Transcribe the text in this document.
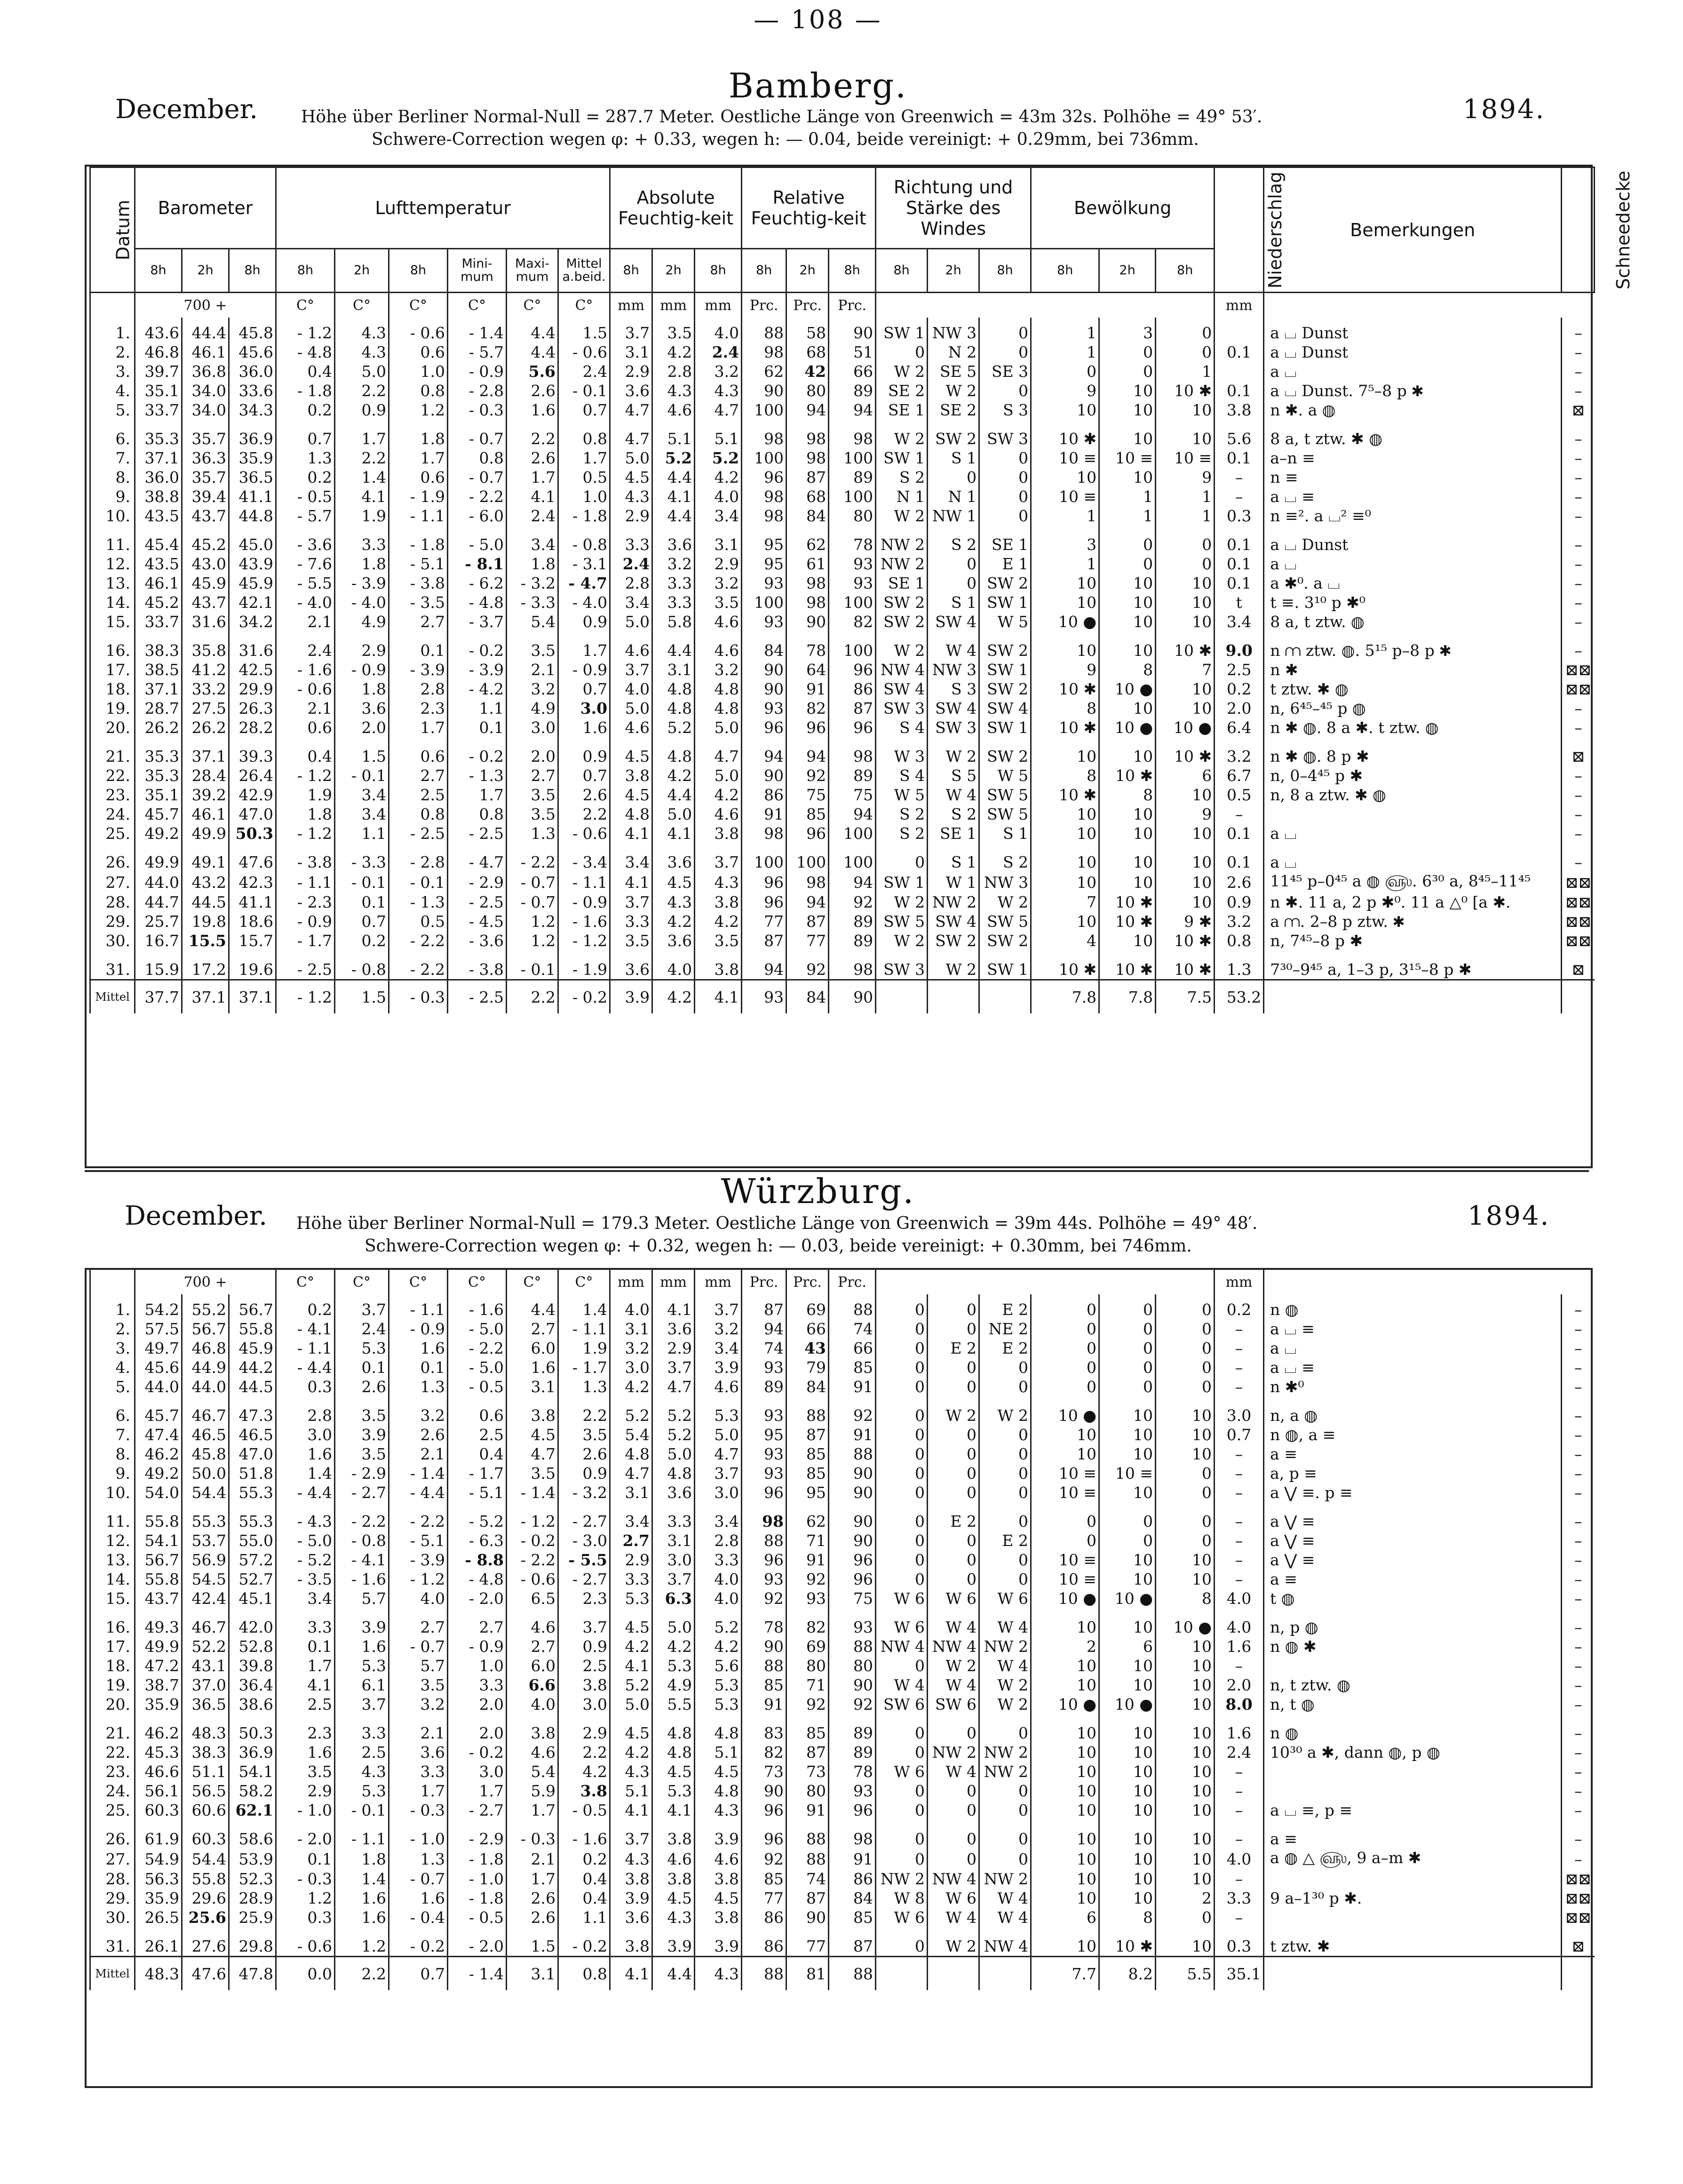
— 108 —
Bamberg.
December.	1894.
Höhe über Berliner Normal-Null = 287.7 Meter. Oestliche Länge von Greenwich = 43m 32s. Polhöhe = 49° 53′.
Schwere-Correction wegen φ: + 0.33, wegen h: — 0.04, beide vereinigt: + 0.29mm, bei 736mm.
Datum	Barometer			Lufttemperatur						Absolute Feuchtig-keit			Relative Feuchtig-keit			Richtung und Stärke des Windes			Bewölkung			Niederschlag	Bemerkungen	Schneedecke
	8h	2h	8h	8h	2h	8h	Mini-mum	Maxi-mum	Mittel a.beid.	8h	2h	8h	8h	2h	8h	8h	2h	8h	8h	2h	8h			
	700 +			C°	C°	C°	C°	C°	C°	mm	mm	mm	Prc.	Prc.	Prc.							mm		
1.	43.6	44.4	45.8	- 1.2	4.3	- 0.6	- 1.4	4.4	1.5	3.7	3.5	4.0	88	58	90	SW 1	NW 3	0	1	3	0		a ⌴ Dunst	–
2.	46.8	46.1	45.6	- 4.8	4.3	0.6	- 5.7	4.4	- 0.6	3.1	4.2	2.4	98	68	51	0	N 2	0	1	0	0	0.1	a ⌴ Dunst	–
3.	39.7	36.8	36.0	0.4	5.0	1.0	- 0.9	5.6	2.4	2.9	2.8	3.2	62	42	66	W 2	SE 5	SE 3	0	0	1		a ⌴	–
4.	35.1	34.0	33.6	- 1.8	2.2	0.8	- 2.8	2.6	- 0.1	3.6	4.3	4.3	90	80	89	SE 2	W 2	0	9	10	10 ✱	0.1	a ⌴ Dunst. 7⁵–8 p ✱	–
5.	33.7	34.0	34.3	0.2	0.9	1.2	- 0.3	1.6	0.7	4.7	4.6	4.7	100	94	94	SE 1	SE 2	S 3	10	10	10	3.8	n ✱. a ◍	⊠
6.	35.3	35.7	36.9	0.7	1.7	1.8	- 0.7	2.2	0.8	4.7	5.1	5.1	98	98	98	W 2	SW 2	SW 3	10 ✱	10	10	5.6	8 a, t ztw. ✱ ◍	–
7.	37.1	36.3	35.9	1.3	2.2	1.7	0.8	2.6	1.7	5.0	5.2	5.2	100	98	100	SW 1	S 1	0	10 ≡	10 ≡	10 ≡	0.1	a–n ≡	–
8.	36.0	35.7	36.5	0.2	1.4	0.6	- 0.7	1.7	0.5	4.5	4.4	4.2	96	87	89	S 2	0	0	10	10	9	–	n ≡	–
9.	38.8	39.4	41.1	- 0.5	4.1	- 1.9	- 2.2	4.1	1.0	4.3	4.1	4.0	98	68	100	N 1	N 1	0	10 ≡	1	1	–	a ⌴ ≡	–
10.	43.5	43.7	44.8	- 5.7	1.9	- 1.1	- 6.0	2.4	- 1.8	2.9	4.4	3.4	98	84	80	W 2	NW 1	0	1	1	1	0.3	n ≡². a ⌴² ≡⁰	–
11.	45.4	45.2	45.0	- 3.6	3.3	- 1.8	- 5.0	3.4	- 0.8	3.3	3.6	3.1	95	62	78	NW 2	S 2	SE 1	3	0	0	0.1	a ⌴ Dunst	–
12.	43.5	43.0	43.9	- 7.6	1.8	- 5.1	- 8.1	1.8	- 3.1	2.4	3.2	2.9	95	61	93	NW 2	0	E 1	1	0	0	0.1	a ⌴	–
13.	46.1	45.9	45.9	- 5.5	- 3.9	- 3.8	- 6.2	- 3.2	- 4.7	2.8	3.3	3.2	93	98	93	SE 1	0	SW 2	10	10	10	0.1	a ✱⁰. a ⌴	–
14.	45.2	43.7	42.1	- 4.0	- 4.0	- 3.5	- 4.8	- 3.3	- 4.0	3.4	3.3	3.5	100	98	100	SW 2	S 1	SW 1	10	10	10	t	t ≡. 3¹⁰ p ✱⁰	–
15.	33.7	31.6	34.2	2.1	4.9	2.7	- 3.7	5.4	0.9	5.0	5.8	4.6	93	90	82	SW 2	SW 4	W 5	10 ●	10	10	3.4	8 a, t ztw. ◍	–
16.	38.3	35.8	31.6	2.4	2.9	0.1	- 0.2	3.5	1.7	4.6	4.4	4.6	84	78	100	W 2	W 4	SW 2	10	10	10 ✱	9.0	n ⩋ ztw. ◍. 5¹⁵ p–8 p ✱	–
17.	38.5	41.2	42.5	- 1.6	- 0.9	- 3.9	- 3.9	2.1	- 0.9	3.7	3.1	3.2	90	64	96	NW 4	NW 3	SW 1	9	8	7	2.5	n ✱	⊠⊠
18.	37.1	33.2	29.9	- 0.6	1.8	2.8	- 4.2	3.2	0.7	4.0	4.8	4.8	90	91	86	SW 4	S 3	SW 2	10 ✱	10 ●	10	0.2	t ztw. ✱ ◍	⊠⊠
19.	28.7	27.5	26.3	2.1	3.6	2.3	1.1	4.9	3.0	5.0	4.8	4.8	93	82	87	SW 3	SW 4	SW 4	8	10	10	2.0	n, 6⁴⁵–⁴⁵ p ◍	–
20.	26.2	26.2	28.2	0.6	2.0	1.7	0.1	3.0	1.6	4.6	5.2	5.0	96	96	96	S 4	SW 3	SW 1	10 ✱	10 ●	10 ●	6.4	n ✱ ◍. 8 a ✱. t ztw. ◍	–
21.	35.3	37.1	39.3	0.4	1.5	0.6	- 0.2	2.0	0.9	4.5	4.8	4.7	94	94	98	W 3	W 2	SW 2	10	10	10 ✱	3.2	n ✱ ◍. 8 p ✱	⊠
22.	35.3	28.4	26.4	- 1.2	- 0.1	2.7	- 1.3	2.7	0.7	3.8	4.2	5.0	90	92	89	S 4	S 5	W 5	8	10 ✱	6	6.7	n, 0–4⁴⁵ p ✱	–
23.	35.1	39.2	42.9	1.9	3.4	2.5	1.7	3.5	2.6	4.5	4.4	4.2	86	75	75	W 5	W 4	SW 5	10 ✱	8	10	0.5	n, 8 a ztw. ✱ ◍	–
24.	45.7	46.1	47.0	1.8	3.4	0.8	0.8	3.5	2.2	4.8	5.0	4.6	91	85	94	S 2	S 2	SW 5	10	10	9	–		–
25.	49.2	49.9	50.3	- 1.2	1.1	- 2.5	- 2.5	1.3	- 0.6	4.1	4.1	3.8	98	96	100	S 2	SE 1	S 1	10	10	10	0.1	a ⌴	–
26.	49.9	49.1	47.6	- 3.8	- 3.3	- 2.8	- 4.7	- 2.2	- 3.4	3.4	3.6	3.7	100	100	100	0	S 1	S 2	10	10	10	0.1	a ⌴	–
27.	44.0	43.2	42.3	- 1.1	- 0.1	- 0.1	- 2.9	- 0.7	- 1.1	4.1	4.5	4.3	96	98	94	SW 1	W 1	NW 3	10	10	10	2.6	11⁴⁵ p–0⁴⁵ a ◍ ௵. 6³⁰ a, 8⁴⁵–11⁴⁵	⊠⊠
28.	44.7	44.5	41.1	- 2.3	0.1	- 1.3	- 2.5	- 0.7	- 0.9	3.7	4.3	3.8	96	94	92	W 2	NW 2	W 2	7	10 ✱	10	0.9	n ✱. 11 a, 2 p ✱⁰. 11 a △⁰ [a ✱.	⊠⊠
29.	25.7	19.8	18.6	- 0.9	0.7	0.5	- 4.5	1.2	- 1.6	3.3	4.2	4.2	77	87	89	SW 5	SW 4	SW 5	10	10 ✱	9 ✱	3.2	a ⩋. 2–8 p ztw. ✱	⊠⊠
30.	16.7	15.5	15.7	- 1.7	0.2	- 2.2	- 3.6	1.2	- 1.2	3.5	3.6	3.5	87	77	89	W 2	SW 2	SW 2	4	10	10 ✱	0.8	n, 7⁴⁵–8 p ✱	⊠⊠
31.	15.9	17.2	19.6	- 2.5	- 0.8	- 2.2	- 3.8	- 0.1	- 1.9	3.6	4.0	3.8	94	92	98	SW 3	W 2	SW 1	10 ✱	10 ✱	10 ✱	1.3	7³⁰–9⁴⁵ a, 1–3 p, 3¹⁵–8 p ✱	⊠
Mittel	37.7	37.1	37.1	- 1.2	1.5	- 0.3	- 2.5	2.2	- 0.2	3.9	4.2	4.1	93	84	90				7.8	7.8	7.5	53.2		
Würzburg.
December.	1894.
Höhe über Berliner Normal-Null = 179.3 Meter. Oestliche Länge von Greenwich = 39m 44s. Polhöhe = 49° 48′.
Schwere-Correction wegen φ: + 0.32, wegen h: — 0.03, beide vereinigt: + 0.30mm, bei 746mm.
	700 +			C°	C°	C°	C°	C°	C°	mm	mm	mm	Prc.	Prc.	Prc.							mm		
1.	54.2	55.2	56.7	0.2	3.7	- 1.1	- 1.6	4.4	1.4	4.0	4.1	3.7	87	69	88	0	0	E 2	0	0	0	0.2	n ◍	–
2.	57.5	56.7	55.8	- 4.1	2.4	- 0.9	- 5.0	2.7	- 1.1	3.1	3.6	3.2	94	66	74	0	0	NE 2	0	0	0	–	a ⌴ ≡	–
3.	49.7	46.8	45.9	- 1.1	5.3	1.6	- 2.2	6.0	1.9	3.2	2.9	3.4	74	43	66	0	E 2	E 2	0	0	0	–	a ⌴	–
4.	45.6	44.9	44.2	- 4.4	0.1	0.1	- 5.0	1.6	- 1.7	3.0	3.7	3.9	93	79	85	0	0	0	0	0	0	–	a ⌴ ≡	–
5.	44.0	44.0	44.5	0.3	2.6	1.3	- 0.5	3.1	1.3	4.2	4.7	4.6	89	84	91	0	0	0	0	0	0	–	n ✱⁰	–
6.	45.7	46.7	47.3	2.8	3.5	3.2	0.6	3.8	2.2	5.2	5.2	5.3	93	88	92	0	W 2	W 2	10 ●	10	10	3.0	n, a ◍	–
7.	47.4	46.5	46.5	3.0	3.9	2.6	2.5	4.5	3.5	5.4	5.2	5.0	95	87	91	0	0	0	10	10	10	0.7	n ◍, a ≡	–
8.	46.2	45.8	47.0	1.6	3.5	2.1	0.4	4.7	2.6	4.8	5.0	4.7	93	85	88	0	0	0	10	10	10	–	a ≡	–
9.	49.2	50.0	51.8	1.4	- 2.9	- 1.4	- 1.7	3.5	0.9	4.7	4.8	3.7	93	85	90	0	0	0	10 ≡	10 ≡	0	–	a, p ≡	–
10.	54.0	54.4	55.3	- 4.4	- 2.7	- 4.4	- 5.1	- 1.4	- 3.2	3.1	3.6	3.0	96	95	90	0	0	0	10 ≡	10	0	–	a ⋁ ≡. p ≡	–
11.	55.8	55.3	55.3	- 4.3	- 2.2	- 2.2	- 5.2	- 1.2	- 2.7	3.4	3.3	3.4	98	62	90	0	E 2	0	0	0	0	–	a ⋁ ≡	–
12.	54.1	53.7	55.0	- 5.0	- 0.8	- 5.1	- 6.3	- 0.2	- 3.0	2.7	3.1	2.8	88	71	90	0	0	E 2	0	0	0	–	a ⋁ ≡	–
13.	56.7	56.9	57.2	- 5.2	- 4.1	- 3.9	- 8.8	- 2.2	- 5.5	2.9	3.0	3.3	96	91	96	0	0	0	10 ≡	10	10	–	a ⋁ ≡	–
14.	55.8	54.5	52.7	- 3.5	- 1.6	- 1.2	- 4.8	- 0.6	- 2.7	3.3	3.7	4.0	93	92	96	0	0	0	10 ≡	10	10	–	a ≡	–
15.	43.7	42.4	45.1	3.4	5.7	4.0	- 2.0	6.5	2.3	5.3	6.3	4.0	92	93	75	W 6	W 6	W 6	10 ●	10 ●	8	4.0	t ◍	–
16.	49.3	46.7	42.0	3.3	3.9	2.7	2.7	4.6	3.7	4.5	5.0	5.2	78	82	93	W 6	W 4	W 4	10	10	10 ●	4.0	n, p ◍	–
17.	49.9	52.2	52.8	0.1	1.6	- 0.7	- 0.9	2.7	0.9	4.2	4.2	4.2	90	69	88	NW 4	NW 4	NW 2	2	6	10	1.6	n ◍ ✱	–
18.	47.2	43.1	39.8	1.7	5.3	5.7	1.0	6.0	2.5	4.1	5.3	5.6	88	80	80	0	W 2	W 4	10	10	10	–		–
19.	38.7	37.0	36.4	4.1	6.1	3.5	3.3	6.6	3.8	5.2	4.9	5.3	85	71	90	W 4	W 4	W 2	10	10	10	2.0	n, t ztw. ◍	–
20.	35.9	36.5	38.6	2.5	3.7	3.2	2.0	4.0	3.0	5.0	5.5	5.3	91	92	92	SW 6	SW 6	W 2	10 ●	10 ●	10	8.0	n, t ◍	–
21.	46.2	48.3	50.3	2.3	3.3	2.1	2.0	3.8	2.9	4.5	4.8	4.8	83	85	89	0	0	0	10	10	10	1.6	n ◍	–
22.	45.3	38.3	36.9	1.6	2.5	3.6	- 0.2	4.6	2.2	4.2	4.8	5.1	82	87	89	0	NW 2	NW 2	10	10	10	2.4	10³⁰ a ✱, dann ◍, p ◍	–
23.	46.6	51.1	54.1	3.5	4.3	3.3	3.0	5.4	4.2	4.3	4.5	4.5	73	73	78	W 6	W 4	NW 2	10	10	10	–		–
24.	56.1	56.5	58.2	2.9	5.3	1.7	1.7	5.9	3.8	5.1	5.3	4.8	90	80	93	0	0	0	10	10	10	–		–
25.	60.3	60.6	62.1	- 1.0	- 0.1	- 0.3	- 2.7	1.7	- 0.5	4.1	4.1	4.3	96	91	96	0	0	0	10	10	10	–	a ⌴ ≡, p ≡	–
26.	61.9	60.3	58.6	- 2.0	- 1.1	- 1.0	- 2.9	- 0.3	- 1.6	3.7	3.8	3.9	96	88	98	0	0	0	10	10	10	–	a ≡	–
27.	54.9	54.4	53.9	0.1	1.8	1.3	- 1.8	2.1	0.2	4.3	4.6	4.6	92	88	91	0	0	0	10	10	10	4.0	a ◍ △ ௵, 9 a–m ✱	–
28.	56.3	55.8	52.3	- 0.3	1.4	- 0.7	- 1.0	1.7	0.4	3.8	3.8	3.8	85	74	86	NW 2	NW 4	NW 2	10	10	10	–		⊠⊠
29.	35.9	29.6	28.9	1.2	1.6	1.6	- 1.8	2.6	0.4	3.9	4.5	4.5	77	87	84	W 8	W 6	W 4	10	10	2	3.3	9 a–1³⁰ p ✱.	⊠⊠
30.	26.5	25.6	25.9	0.3	1.6	- 0.4	- 0.5	2.6	1.1	3.6	4.3	3.8	86	90	85	W 6	W 4	W 4	6	8	0	–		⊠⊠
31.	26.1	27.6	29.8	- 0.6	1.2	- 0.2	- 2.0	1.5	- 0.2	3.8	3.9	3.9	86	77	87	0	W 2	NW 4	10	10 ✱	10	0.3	t ztw. ✱	⊠
Mittel	48.3	47.6	47.8	0.0	2.2	0.7	- 1.4	3.1	0.8	4.1	4.4	4.3	88	81	88				7.7	8.2	5.5	35.1		
